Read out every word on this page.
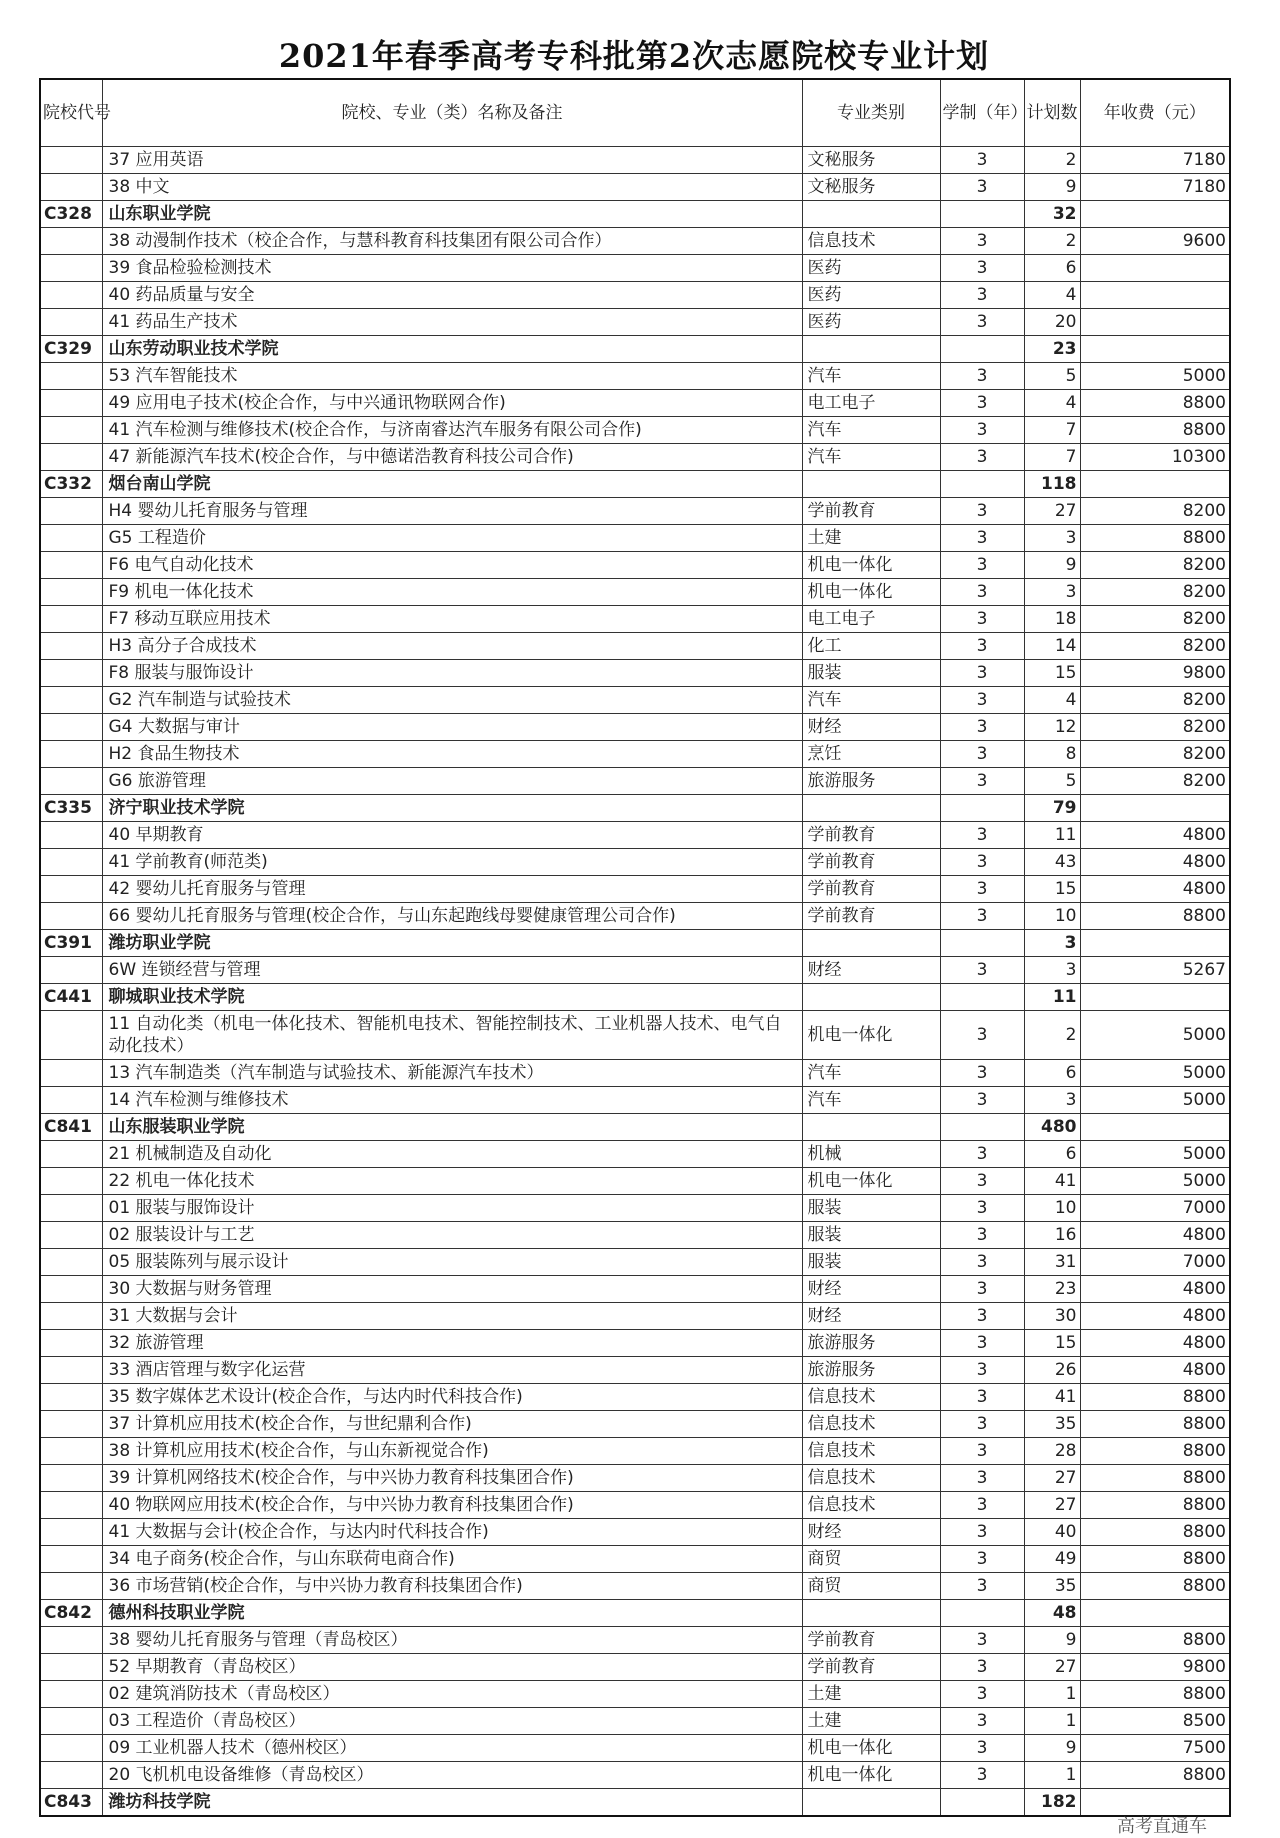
2021年春季高考专科批第2次志愿院校专业计划
院校代号	院校、专业（类）名称及备注	专业类别	学制（年）	计划数	年收费（元）
	37 应用英语	文秘服务	3	2	7180
	38 中文	文秘服务	3	9	7180
C328	山东职业学院			32	
	38 动漫制作技术（校企合作，与慧科教育科技集团有限公司合作）	信息技术	3	2	9600
	39 食品检验检测技术	医药	3	6	
	40 药品质量与安全	医药	3	4	
	41 药品生产技术	医药	3	20	
C329	山东劳动职业技术学院			23	
	53 汽车智能技术	汽车	3	5	5000
	49 应用电子技术(校企合作，与中兴通讯物联网合作)	电工电子	3	4	8800
	41 汽车检测与维修技术(校企合作，与济南睿达汽车服务有限公司合作)	汽车	3	7	8800
	47 新能源汽车技术(校企合作，与中德诺浩教育科技公司合作)	汽车	3	7	10300
C332	烟台南山学院			118	
	H4 婴幼儿托育服务与管理	学前教育	3	27	8200
	G5 工程造价	土建	3	3	8800
	F6 电气自动化技术	机电一体化	3	9	8200
	F9 机电一体化技术	机电一体化	3	3	8200
	F7 移动互联应用技术	电工电子	3	18	8200
	H3 高分子合成技术	化工	3	14	8200
	F8 服装与服饰设计	服装	3	15	9800
	G2 汽车制造与试验技术	汽车	3	4	8200
	G4 大数据与审计	财经	3	12	8200
	H2 食品生物技术	烹饪	3	8	8200
	G6 旅游管理	旅游服务	3	5	8200
C335	济宁职业技术学院			79	
	40 早期教育	学前教育	3	11	4800
	41 学前教育(师范类)	学前教育	3	43	4800
	42 婴幼儿托育服务与管理	学前教育	3	15	4800
	66 婴幼儿托育服务与管理(校企合作，与山东起跑线母婴健康管理公司合作)	学前教育	3	10	8800
C391	潍坊职业学院			3	
	6W 连锁经营与管理	财经	3	3	5267
C441	聊城职业技术学院			11	
	11 自动化类（机电一体化技术、智能机电技术、智能控制技术、工业机器人技术、电气自动化技术）	机电一体化	3	2	5000
	13 汽车制造类（汽车制造与试验技术、新能源汽车技术）	汽车	3	6	5000
	14 汽车检测与维修技术	汽车	3	3	5000
C841	山东服装职业学院			480	
	21 机械制造及自动化	机械	3	6	5000
	22 机电一体化技术	机电一体化	3	41	5000
	01 服装与服饰设计	服装	3	10	7000
	02 服装设计与工艺	服装	3	16	4800
	05 服装陈列与展示设计	服装	3	31	7000
	30 大数据与财务管理	财经	3	23	4800
	31 大数据与会计	财经	3	30	4800
	32 旅游管理	旅游服务	3	15	4800
	33 酒店管理与数字化运营	旅游服务	3	26	4800
	35 数字媒体艺术设计(校企合作，与达内时代科技合作)	信息技术	3	41	8800
	37 计算机应用技术(校企合作，与世纪鼎利合作)	信息技术	3	35	8800
	38 计算机应用技术(校企合作，与山东新视觉合作)	信息技术	3	28	8800
	39 计算机网络技术(校企合作，与中兴协力教育科技集团合作)	信息技术	3	27	8800
	40 物联网应用技术(校企合作，与中兴协力教育科技集团合作)	信息技术	3	27	8800
	41 大数据与会计(校企合作，与达内时代科技合作)	财经	3	40	8800
	34 电子商务(校企合作，与山东联荷电商合作)	商贸	3	49	8800
	36 市场营销(校企合作，与中兴协力教育科技集团合作)	商贸	3	35	8800
C842	德州科技职业学院			48	
	38 婴幼儿托育服务与管理（青岛校区）	学前教育	3	9	8800
	52 早期教育（青岛校区）	学前教育	3	27	9800
	02 建筑消防技术（青岛校区）	土建	3	1	8800
	03 工程造价（青岛校区）	土建	3	1	8500
	09 工业机器人技术（德州校区）	机电一体化	3	9	7500
	20 飞机机电设备维修（青岛校区）	机电一体化	3	1	8800
C843	潍坊科技学院			182	
高考直通车
